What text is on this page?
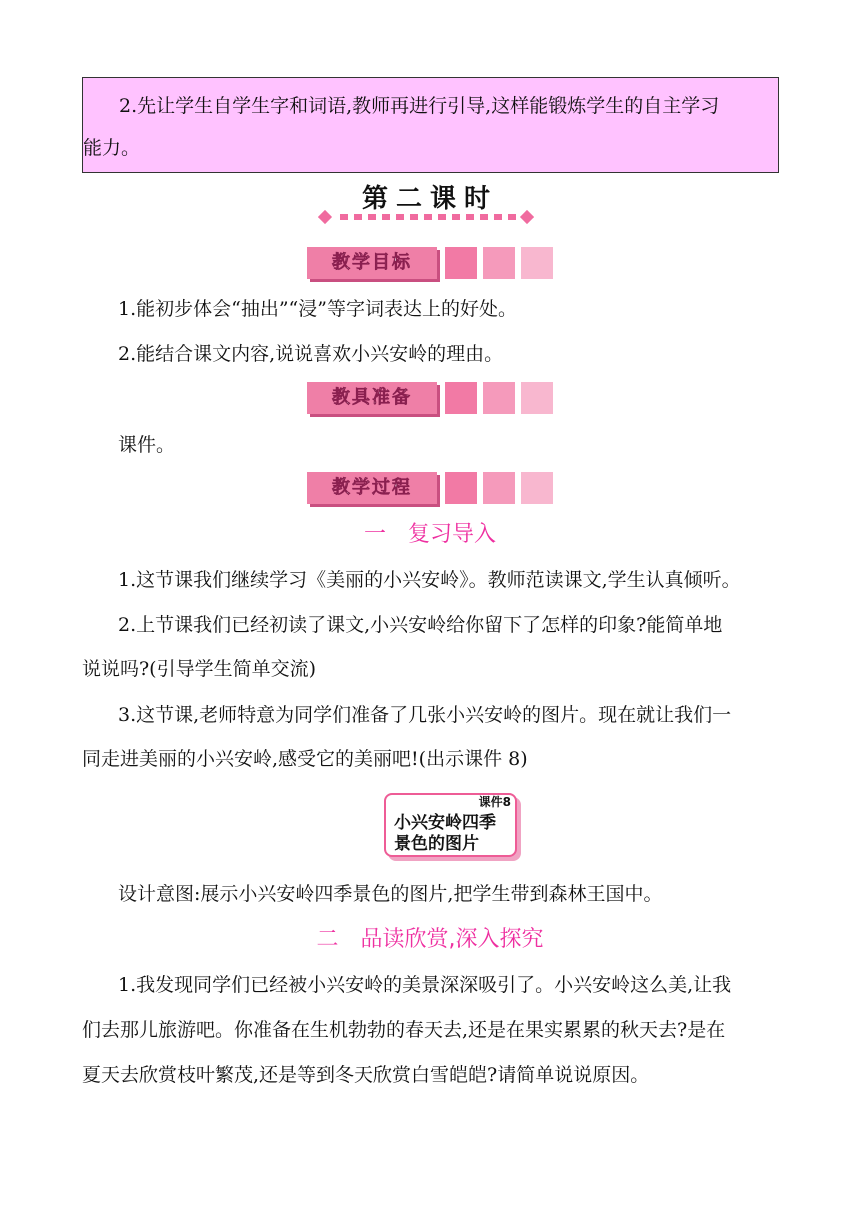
2.先让学生自学生字和词语,教师再进行引导,这样能锻炼学生的自主学习

能力。

第二课时
教学目标

1.能初步体会“抽出”“浸”等字词表达上的好处。

2.能结合课文内容,说说喜欢小兴安岭的理由。

教具准备

课件。

教学过程
一　复习导入

1.这节课我们继续学习《美丽的小兴安岭》。教师范读课文,学生认真倾听。

2.上节课我们已经初读了课文,小兴安岭给你留下了怎样的印象?能简单地

说说吗?(引导学生简单交流)

3.这节课,老师特意为同学们准备了几张小兴安岭的图片。现在就让我们一

同走进美丽的小兴安岭,感受它的美丽吧!(出示课件 8)

课件8
小兴安岭四季
景色的图片

设计意图:展示小兴安岭四季景色的图片,把学生带到森林王国中。

二　品读欣赏,深入探究

1.我发现同学们已经被小兴安岭的美景深深吸引了。小兴安岭这么美,让我

们去那儿旅游吧。你准备在生机勃勃的春天去,还是在果实累累的秋天去?是在

夏天去欣赏枝叶繁茂,还是等到冬天欣赏白雪皑皑?请简单说说原因。
